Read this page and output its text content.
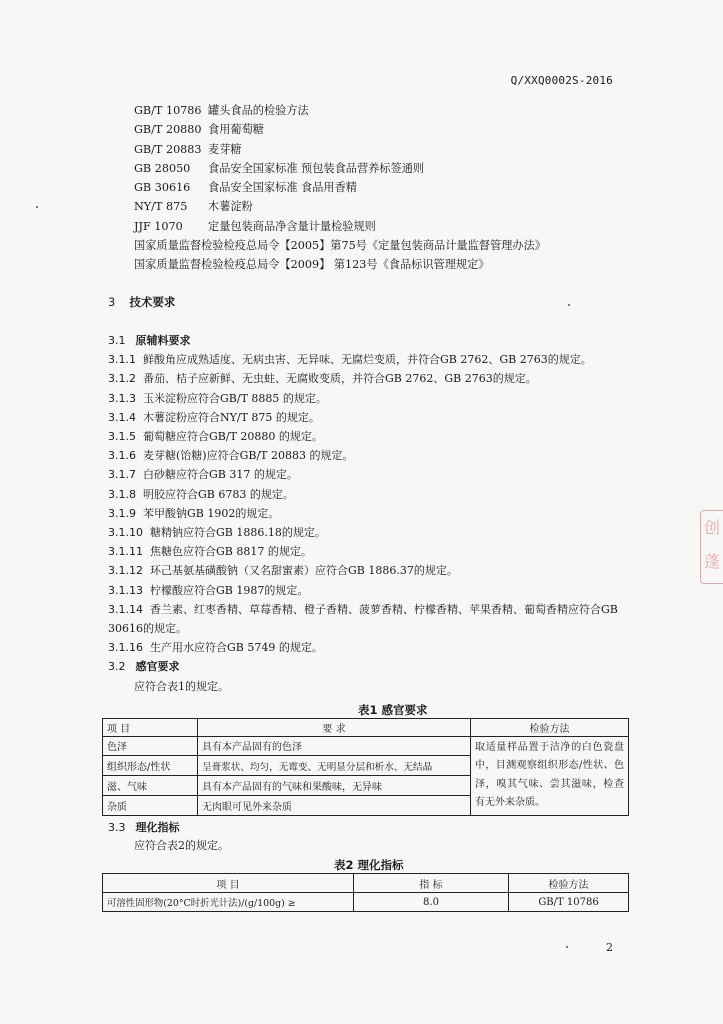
Q/XXQ0002S-2016
GB/T 10786 罐头食品的检验方法
GB/T 20880 食用葡萄糖
GB/T 20883 麦芽糖
GB 28050 食品安全国家标准 预包装食品营养标签通则
GB 30616 食品安全国家标准 食品用香精
NY/T 875 木薯淀粉
JJF 1070 定量包装商品净含量计量检验规则
国家质量监督检验检疫总局令【2005】第75号《定量包装商品计量监督管理办法》
国家质量监督检验检疫总局令【2009】 第123号《食品标识管理规定》
3 技术要求
3.1 原辅料要求
3.1.1 鲜酸角应成熟适度、无病虫害、无异味、无腐烂变质，并符合GB 2762、GB 2763的规定。
3.1.2 番茄、桔子应新鲜、无虫蛀、无腐败变质，并符合GB 2762、GB 2763的规定。
3.1.3 玉米淀粉应符合GB/T 8885 的规定。
3.1.4 木薯淀粉应符合NY/T 875 的规定。
3.1.5 葡萄糖应符合GB/T 20880 的规定。
3.1.6 麦芽糖(饴糖)应符合GB/T 20883 的规定。
3.1.7 白砂糖应符合GB 317 的规定。
3.1.8 明胶应符合GB 6783 的规定。
3.1.9 苯甲酸钠GB 1902的规定。
3.1.10 糖精钠应符合GB 1886.18的规定。
3.1.11 焦糖色应符合GB 8817 的规定。
3.1.12 环己基氨基磺酸钠（又名甜蜜素）应符合GB 1886.37的规定。
3.1.13 柠檬酸应符合GB 1987的规定。
3.1.14 香兰素、红枣香精、草莓香精、橙子香精、菠萝香精、柠檬香精、苹果香精、葡萄香精应符合GB 30616的规定。
3.1.16 生产用水应符合GB 5749 的规定。
3.2 感官要求
应符合表1的规定。
表1 感官要求
项 目	要 求	检验方法
色泽	具有本产品固有的色泽	取适量样品置于洁净的白色瓷盘中，目测观察组织形态/性状、色泽，嗅其气味、尝其滋味，检查有无外来杂质。
组织形态/性状	呈膏浆状、均匀，无霉变、无明显分层和析水、无结晶	
滋、气味	具有本产品固有的气味和果酸味，无异味	
杂质	无肉眼可见外来杂质	
3.3 理化指标
应符合表2的规定。
表2 理化指标
项 目	指 标	检验方法
可溶性固形物(20°C时折光计法)/(g/100g) ≥	8.0	GB/T 10786
2
创
蓬
